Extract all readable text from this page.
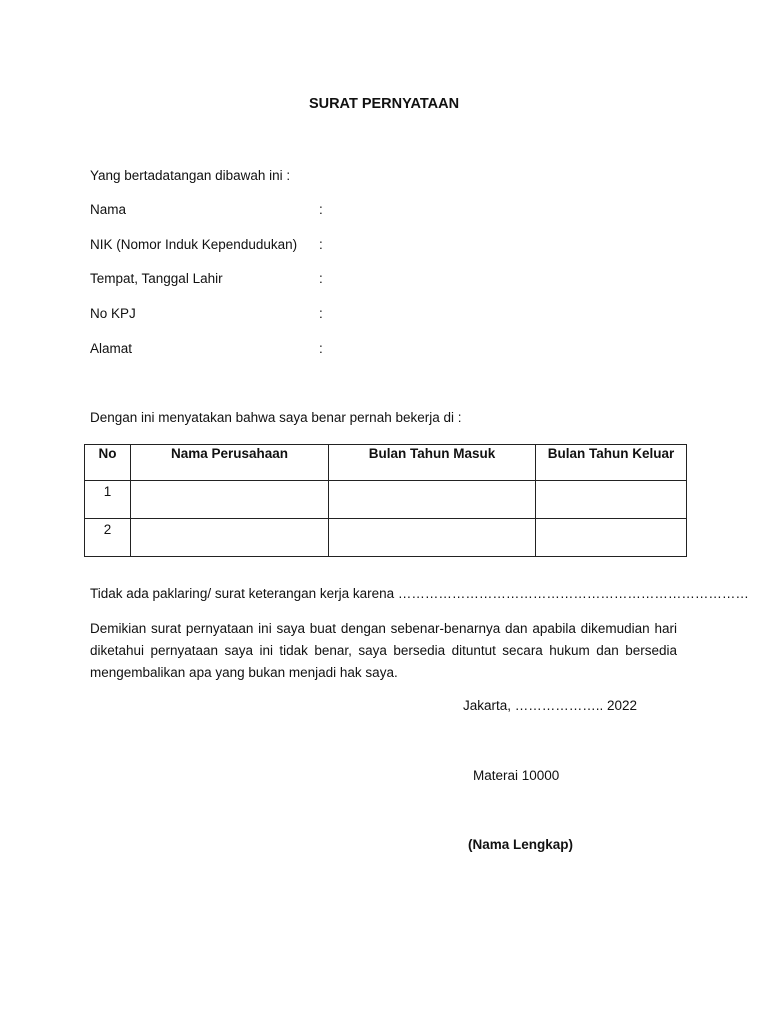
SURAT PERNYATAAN
Yang bertadatangan dibawah ini :
Nama	:
NIK (Nomor Induk Kependudukan) :
Tempat, Tanggal Lahir	:
No KPJ	:
Alamat	:
Dengan ini menyatakan bahwa saya benar pernah bekerja di :
No	Nama Perusahaan	Bulan Tahun Masuk	Bulan Tahun Keluar
1			
2			
Tidak ada paklaring/ surat keterangan kerja karena ……………………………………………………………………
Demikian surat pernyataan ini saya buat dengan sebenar-benarnya dan apabila dikemudian hari diketahui pernyataan saya ini tidak benar, saya bersedia dituntut secara hukum dan bersedia mengembalikan apa yang bukan menjadi hak saya.
Jakarta, ……………….. 2022
Materai 10000
(Nama Lengkap)
